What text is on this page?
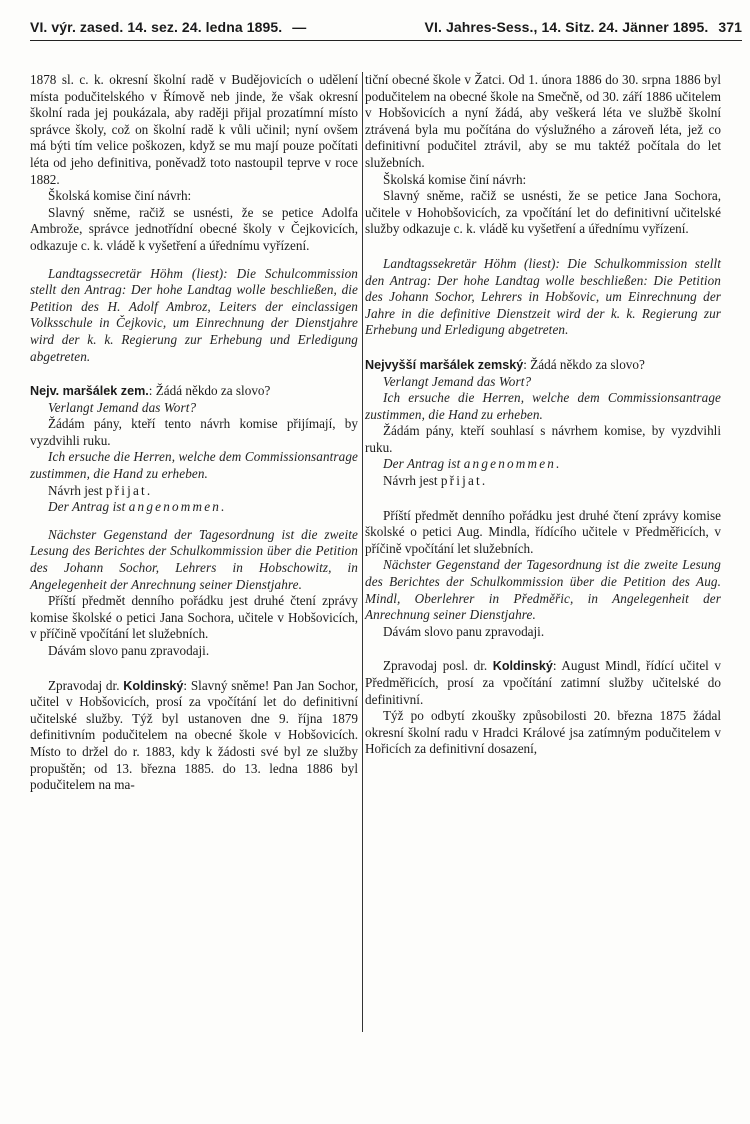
VI. výr. zased. 14. sez. 24. ledna 1895. —	VI. Jahres-Sess., 14. Sitz. 24. Jänner 1895. 371

1878 sl. c. k. okresní školní radě v Budějovicích o udělení místa podučitelského v Římově neb jinde, že však okresní školní rada jej poukázala, aby raději přijal prozatímní místo správce školy, což on školní radě k vůli učinil; nyní ovšem má býti tím velice poškozen, když se mu mají pouze počítati léta od jeho definitiva, poněvadž toto nastoupil teprve v roce 1882.

Školská komise činí návrh:

Slavný sněme, račiž se usnésti, že se petice Adolfa Ambrože, správce jednotřídní obecné školy v Čejkovicích, odkazuje c. k. vládě k vyšetření a úřednímu vyřízení.

Landtagssecretär Höhm (liest): Die Schulcommission stellt den Antrag: Der hohe Landtag wolle beschließen, die Petition des H. Adolf Ambroz, Leiters der einclassigen Volksschule in Čejkovic, um Einrechnung der Dienstjahre wird der k. k. Regierung zur Erhebung und Erledigung abgetreten.

Nejv. maršálek zem.: Žádá někdo za slovo?

Verlangt Jemand das Wort?

Žádám pány, kteří tento návrh komise přijímají, by vyzdvihli ruku.

Ich ersuche die Herren, welche dem Commissionsantrage zustimmen, die Hand zu erheben.

Návrh jest přijat.

Der Antrag ist angenommen.

Nächster Gegenstand der Tagesordnung ist die zweite Lesung des Berichtes der Schulkommission über die Petition des Johann Sochor, Lehrers in Hobschowitz, in Angelegenheit der Anrechnung seiner Dienstjahre.

Příští předmět denního pořádku jest druhé čtení zprávy komise školské o petici Jana Sochora, učitele v Hobšovicích, v příčině vpočítání let služebních.

Dávám slovo panu zpravodaji.

Zpravodaj dr. Koldinský: Slavný sněme! Pan Jan Sochor, učitel v Hobšovicích, prosí za vpočítání let do definitivní učitelské služby. Týž byl ustanoven dne 9. října 1879 definitivním podučitelem na obecné škole v Hobšovicích. Místo to držel do r. 1883, kdy k žádosti své byl ze služby propuštěn; od 13. března 1885. do 13. ledna 1886 byl podučitelem na ma-

tiční obecné škole v Žatci. Od 1. února 1886 do 30. srpna 1886 byl podučitelem na obecné škole na Smečně, od 30. září 1886 učitelem v Hobšovicích a nyní žádá, aby veškerá léta ve službě školní ztrávená byla mu počítána do výslužného a zároveň léta, jež co definitivní podučitel ztrávil, aby se mu taktéž počítala do let služebních.

Školská komise činí návrh:

Slavný sněme, račiž se usnésti, že se petice Jana Sochora, učitele v Hohobšovicích, za vpočítání let do definitivní učitelské služby odkazuje c. k. vládě ku vyšetření a úřednímu vyřízení.

Landtagssekretär Höhm (liest): Die Schulkommission stellt den Antrag: Der hohe Landtag wolle beschließen: Die Petition des Johann Sochor, Lehrers in Hobšovic, um Einrechnung der Jahre in die definitive Dienstzeit wird der k. k. Regierung zur Erhebung und Erledigung abgetreten.

Nejvyšší maršálek zemský: Žádá někdo za slovo?

Verlangt Jemand das Wort?

Ich ersuche die Herren, welche dem Commissionsantrage zustimmen, die Hand zu erheben.

Žádám pány, kteří souhlasí s návrhem komise, by vyzdvihli ruku.

Der Antrag ist angenommen.

Návrh jest přijat.

Příští předmět denního pořádku jest druhé čtení zprávy komise školské o petici Aug. Mindla, řídícího učitele v Předměřicích, v příčině vpočítání let služebních.

Nächster Gegenstand der Tagesordnung ist die zweite Lesung des Berichtes der Schulkommission über die Petition des Aug. Mindl, Oberlehrer in Předměřic, in Angelegenheit der Anrechnung seiner Dienstjahre.

Dávám slovo panu zpravodaji.

Zpravodaj posl. dr. Koldinský: August Mindl, řídící učitel v Předměřicích, prosí za vpočítání zatimní služby učitelské do definitivní.

Týž po odbytí zkoušky způsobilosti 20. března 1875 žádal okresní školní radu v Hradci Králové jsa zatímným podučitelem v Hořicích za definitivní dosazení,
